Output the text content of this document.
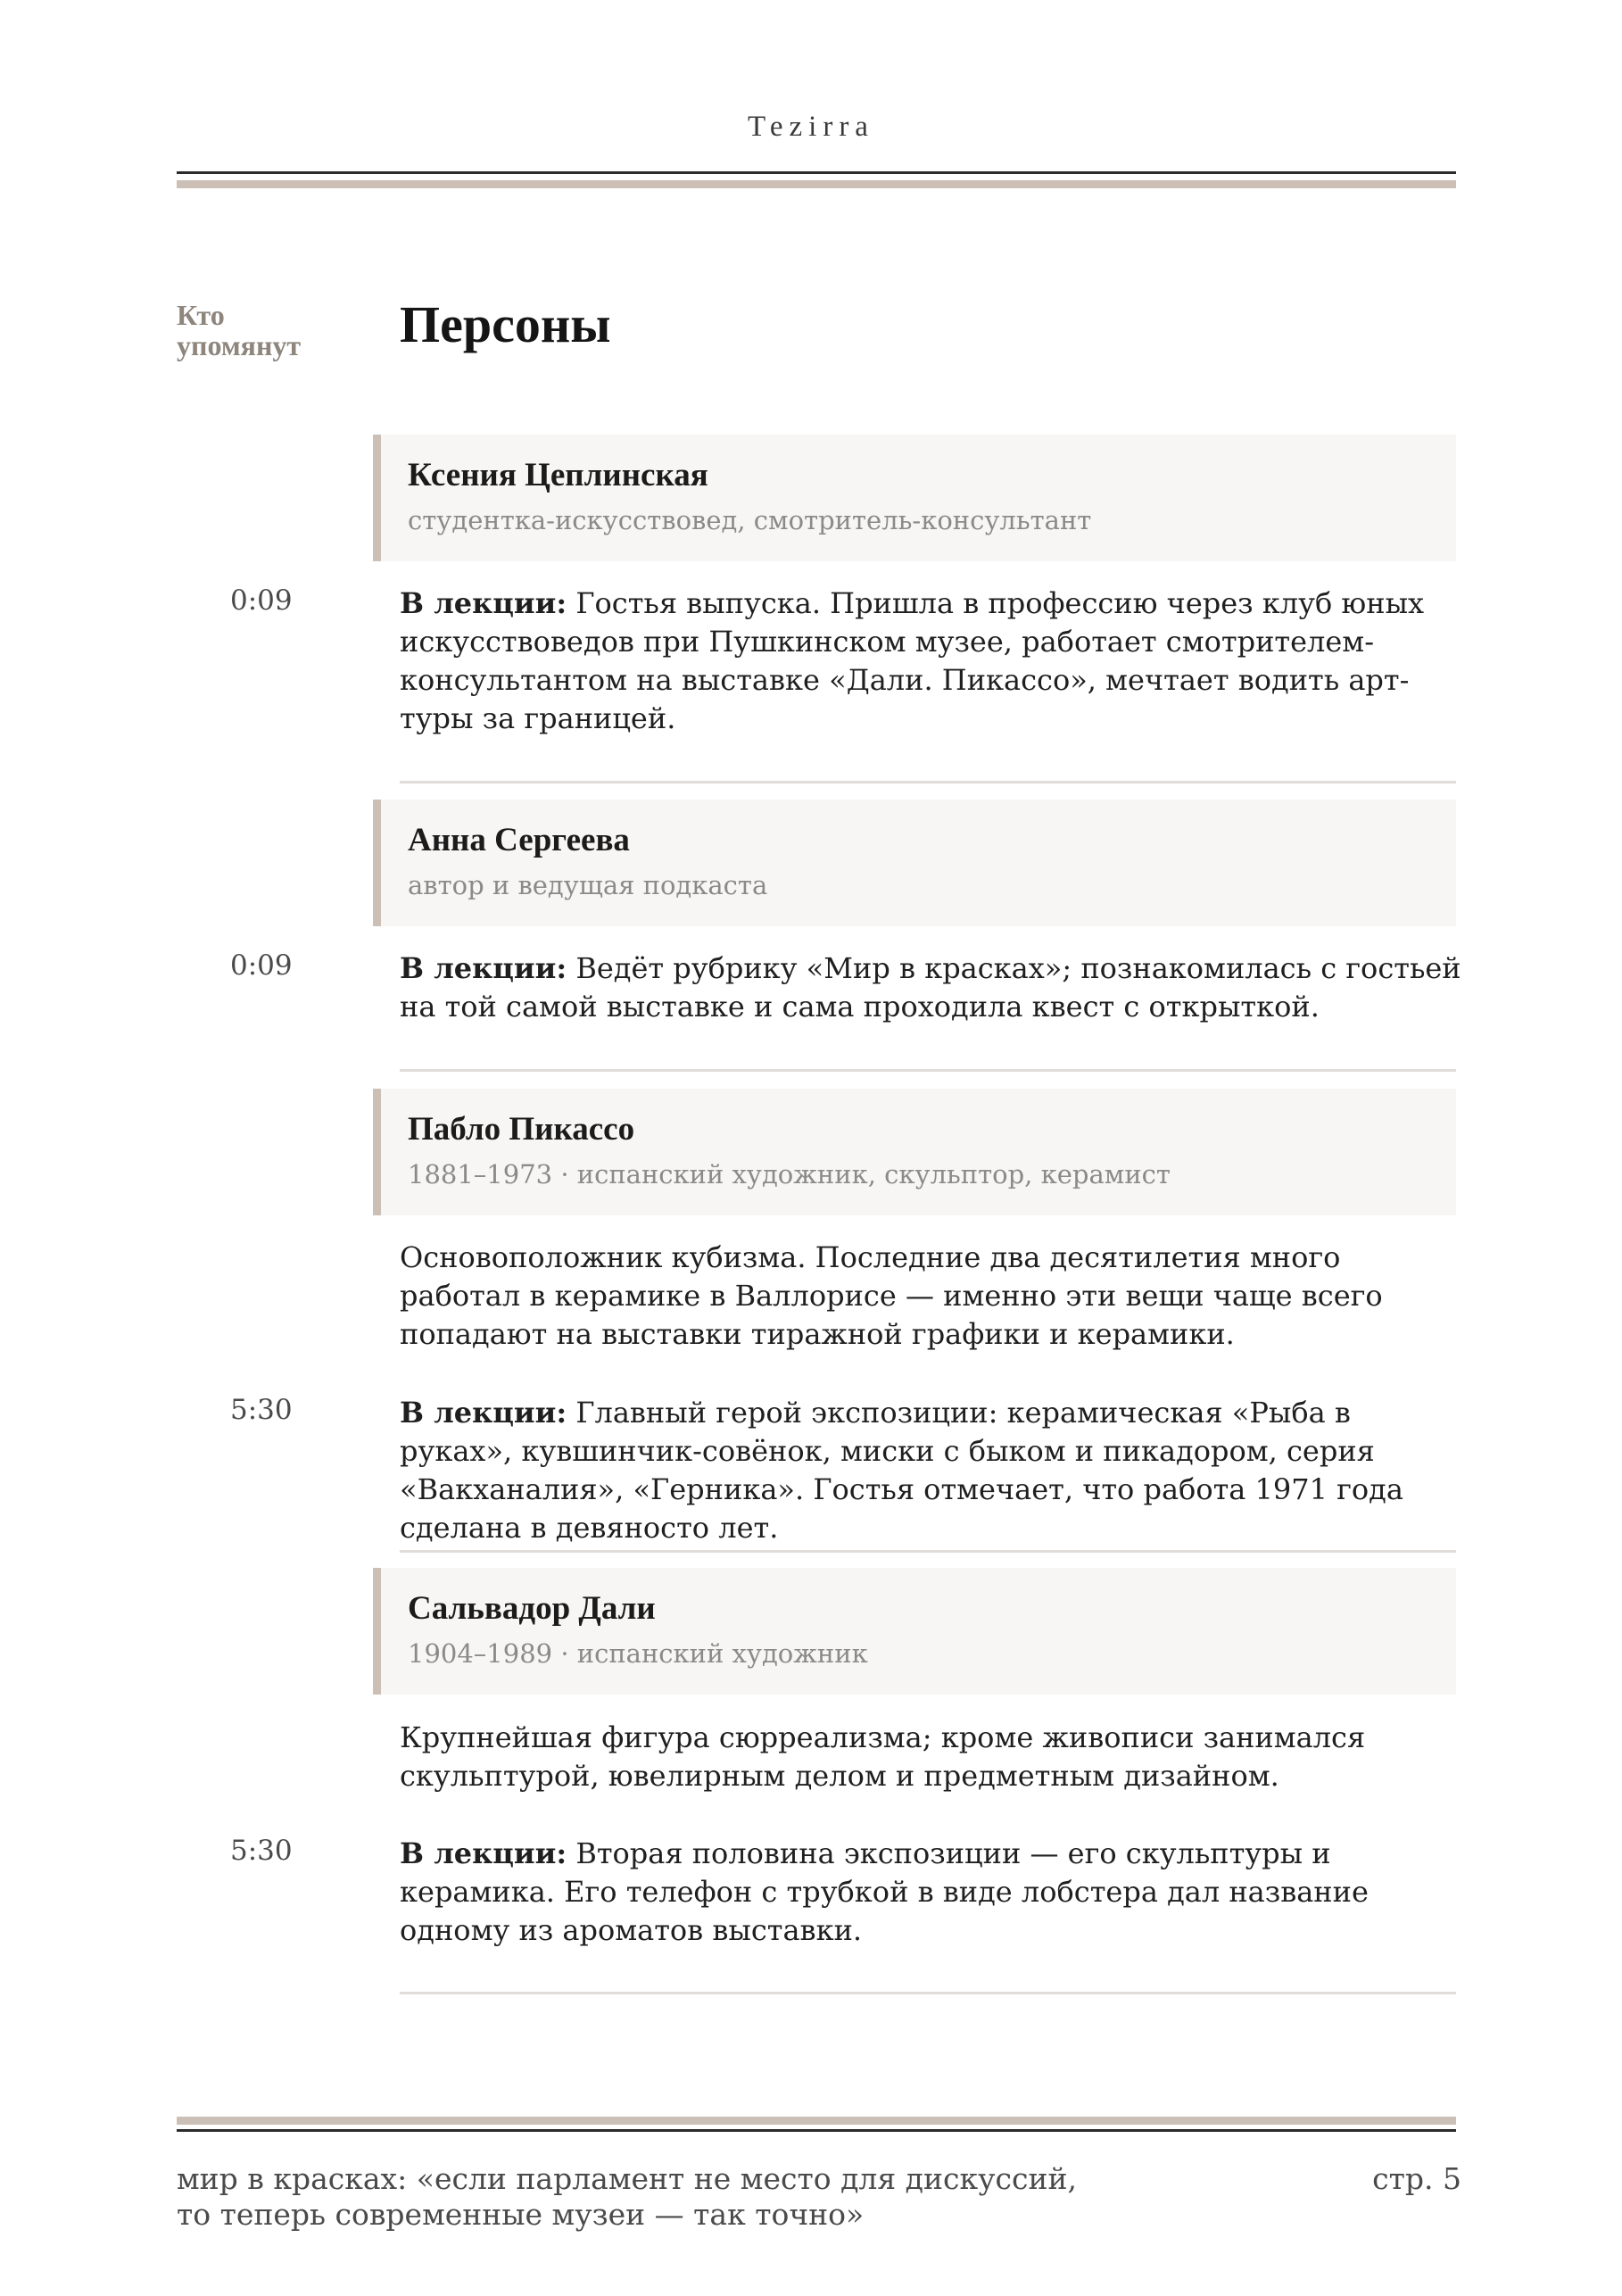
Tezirra
Кто
упомянут Персоны
Ксения Цеплинская
студентка-искусствовед, смотритель-консультант
0:09	В лекции: Гостья выпуска. Пришла в профессию через клуб юных искусствоведов при Пушкинском музее, работает смотрителем-консультантом на выставке «Дали. Пикассо», мечтает водить арт-туры за границей.
Анна Сергеева
автор и ведущая подкаста
0:09	В лекции: Ведёт рубрику «Мир в красках»; познакомилась с гостьей на той самой выставке и сама проходила квест с открыткой.
Пабло Пикассо
1881–1973 · испанский художник, скульптор, керамист
Основоположник кубизма. Последние два десятилетия много работал в керамике в Валлорисе — именно эти вещи чаще всего попадают на выставки тиражной графики и керамики.
5:30	В лекции: Главный герой экспозиции: керамическая «Рыба в руках», кувшинчик-совёнок, миски с быком и пикадором, серия «Вакханалия», «Герника». Гостья отмечает, что работа 1971 года сделана в девяносто лет.
Сальвадор Дали
1904–1989 · испанский художник
Крупнейшая фигура сюрреализма; кроме живописи занимался скульптурой, ювелирным делом и предметным дизайном.
5:30	В лекции: Вторая половина экспозиции — его скульптуры и керамика. Его телефон с трубкой в виде лобстера дал название одному из ароматов выставки.
мир в красках: «если парламент не место для дискуссий,
то теперь современные музеи — так точно»
стр. 5
